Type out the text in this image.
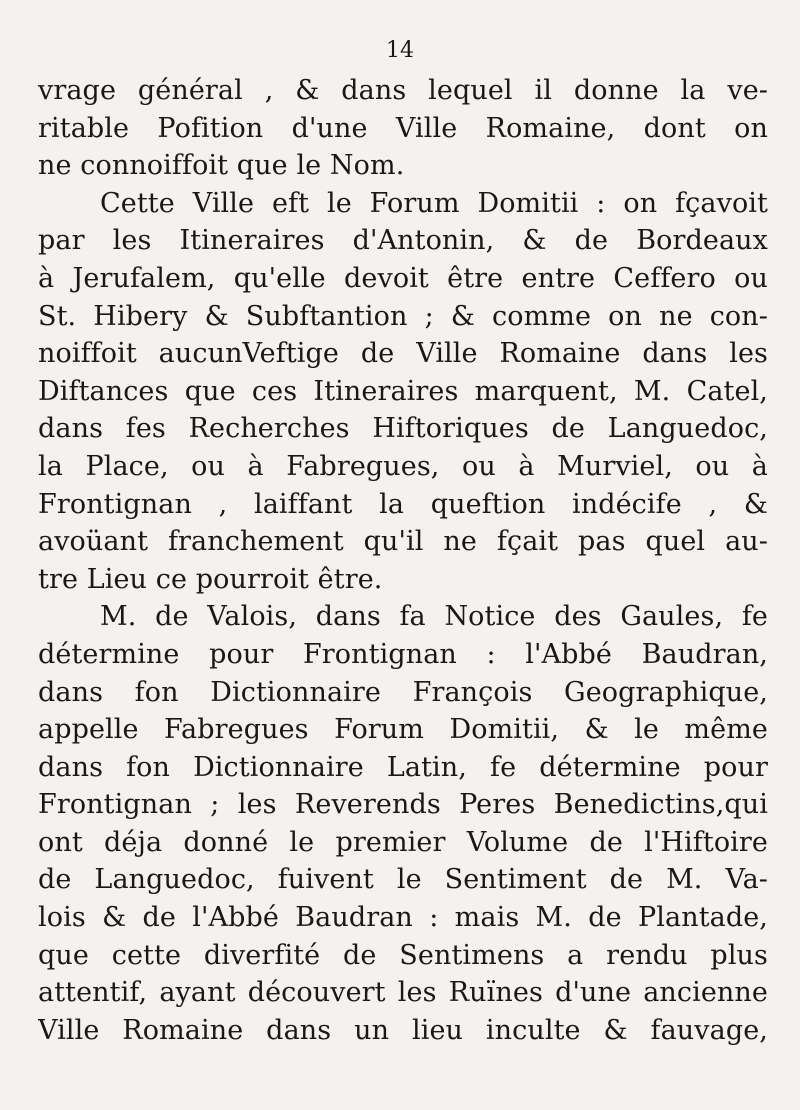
14
vrage général , & dans lequel il donne la ve-
ritable Pofition d'une Ville Romaine, dont on
ne connoiffoit que le Nom.
Cette Ville eft le Forum Domitii : on fçavoit
par les Itineraires d'Antonin, & de Bordeaux
à Jerufalem, qu'elle devoit être entre Ceffero ou
St. Hibery & Subftantion ; & comme on ne con-
noiffoit aucunVeftige de Ville Romaine dans les
Diftances que ces Itineraires marquent, M. Catel,
dans fes Recherches Hiftoriques de Languedoc,
la Place, ou à Fabregues, ou à Murviel, ou à
Frontignan , laiffant la queftion indécife , &
avoüant franchement qu'il ne fçait pas quel au-
tre Lieu ce pourroit être.
M. de Valois, dans fa Notice des Gaules, fe
détermine pour Frontignan : l'Abbé Baudran,
dans fon Dictionnaire François Geographique,
appelle Fabregues Forum Domitii, & le même
dans fon Dictionnaire Latin, fe détermine pour
Frontignan ; les Reverends Peres Benedictins,qui
ont déja donné le premier Volume de l'Hiftoire
de Languedoc, fuivent le Sentiment de M. Va-
lois & de l'Abbé Baudran : mais M. de Plantade,
que cette diverfité de Sentimens a rendu plus
attentif, ayant découvert les Ruïnes d'une ancienne
Ville Romaine dans un lieu inculte & fauvage,
